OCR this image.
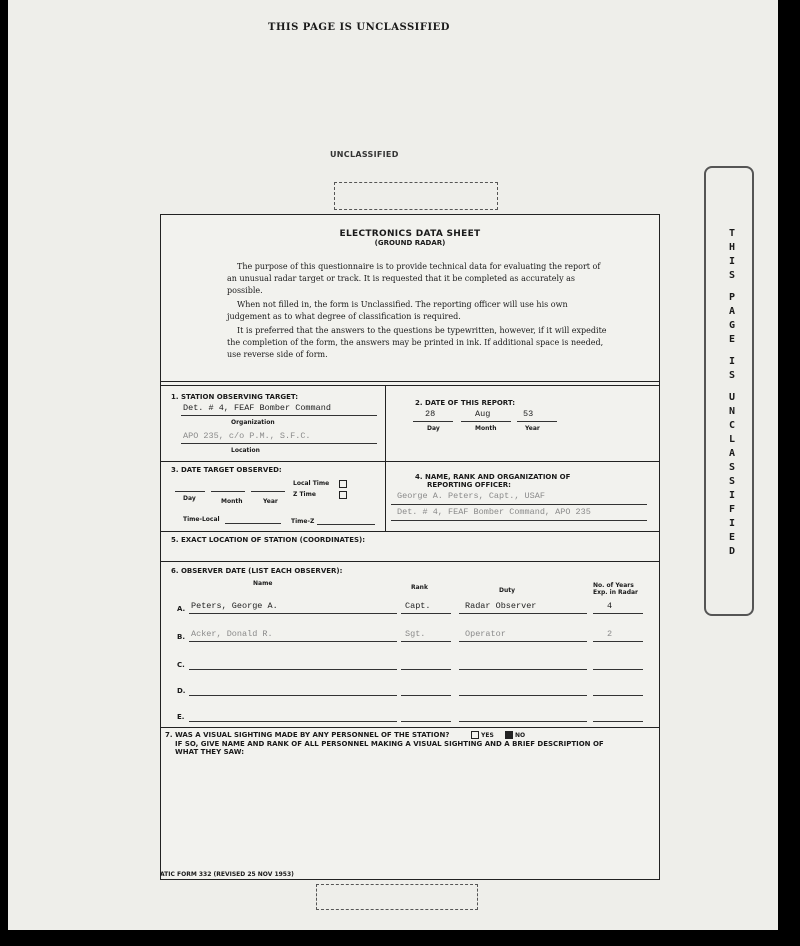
THIS PAGE IS UNCLASSIFIED
UNCLASSIFIED
T
H
I
S
P
A
G
E
I
S
U
N
C
L
A
S
S
I
F
I
E
D
ELECTRONICS DATA SHEET
(GROUND RADAR)
The purpose of this questionnaire is to provide technical data for evaluating the report of an unusual radar target or track. It is requested that it be completed as accurately as possible.
When not filled in, the form is Unclassified. The reporting officer will use his own judgement as to what degree of classification is required.
It is preferred that the answers to the questions be typewritten, however, if it will expedite the completion of the form, the answers may be printed in ink. If additional space is needed, use reverse side of form.
1. STATION OBSERVING TARGET:
Det. # 4, FEAF Bomber Command
Organization
APO 235, c/o P.M., S.F.C.
Location
2. DATE OF THIS REPORT:
28	Aug	53
Day	Month	Year
3. DATE TARGET OBSERVED:
Local Time
Z Time
Day	Month	Year
Time-Local	Time-Z
4. NAME, RANK AND ORGANIZATION OF
REPORTING OFFICER:
George A. Peters, Capt., USAF
Det. # 4, FEAF Bomber Command, APO 235
5. EXACT LOCATION OF STATION (COORDINATES):
6. OBSERVER DATE (LIST EACH OBSERVER):
Name
Rank	Duty
No. of Years
Exp. in Radar
A. Peters, George A.	Capt.	Radar Observer	4
B. Acker, Donald R.	Sgt.	Operator	2
C.
D.
E.
7. WAS A VISUAL SIGHTING MADE BY ANY PERSONNEL OF THE STATION?	YES	NO
IF SO, GIVE NAME AND RANK OF ALL PERSONNEL MAKING A VISUAL SIGHTING AND A BRIEF DESCRIPTION OF
WHAT THEY SAW:
ATIC FORM 332 (REVISED 25 NOV 1953)
